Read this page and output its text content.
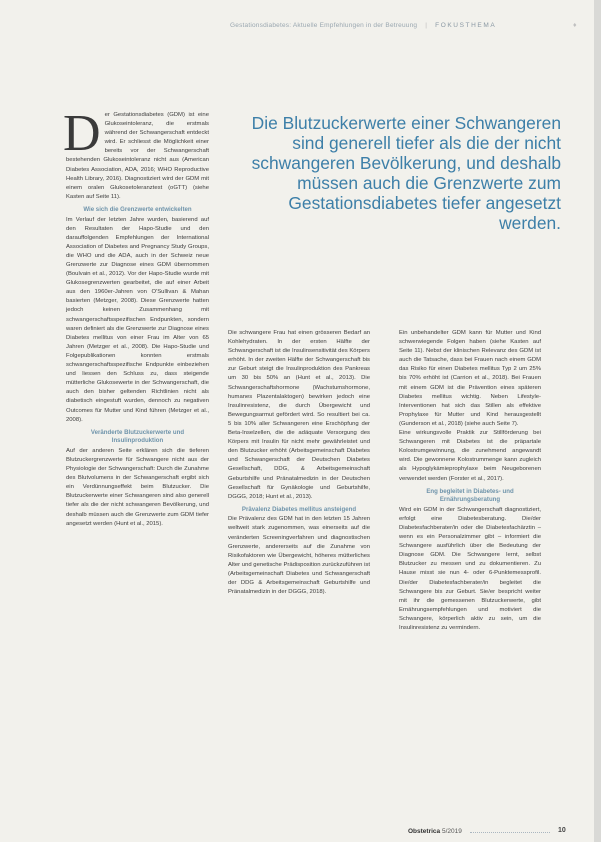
Gestationsdiabetes: Aktuelle Empfehlungen in der Betreuung | FOKUSTHEMA	♦
Die Blutzuckerwerte einer Schwangeren sind generell tiefer als die der nicht schwangeren Bevölkerung, und deshalb müssen auch die Grenzwerte zum Gestationsdiabetes tiefer angesetzt werden.

Der Gestationsdiabetes (GDM) ist eine Glukoseintoleranz, die erstmals während der Schwangerschaft entdeckt wird. Er schliesst die Möglichkeit einer bereits vor der Schwangerschaft bestehenden Glukoseintoleranz nicht aus (American Diabetes Association, ADA, 2016; WHO Reproductive Health Library, 2016). Diagnostiziert wird der GDM mit einem oralen Glukosetoleranztest (oGTT) (siehe Kasten auf Seite 11).

Wie sich die Grenzwerte entwickelten

Im Verlauf der letzten Jahre wurden, basierend auf den Resultaten der Hapo-Studie und den darauffolgenden Empfehlungen der International Association of Diabetes and Pregnancy Study Groups, die WHO und die ADA, auch in der Schweiz neue Grenzwerte zur Diagnose eines GDM übernommen (Boulvain et al., 2012). Vor der Hapo-Studie wurde mit Glukosegrenzwerten gearbeitet, die auf einer Arbeit aus den 1960er-Jahren von O'Sullivan & Mahan basierten (Metzger, 2008). Diese Grenzwerte hatten jedoch keinen Zusammenhang mit schwangerschaftsspezifischen Endpunkten, sondern waren definiert als die Grenzwerte zur Diagnose eines Diabetes mellitus von einer Frau im Alter von 65 Jahren (Metzger et al., 2008). Die Hapo-Studie und Folgepublikationen konnten erstmals schwangerschaftsspezifische Endpunkte einbeziehen und liessen den Schluss zu, dass steigende mütterliche Glukosewerte in der Schwangerschaft, die auch den bisher geltenden Richtlinien nicht als diabetisch eingestuft wurden, dennoch zu negativen Outcomes für Mutter und Kind führen (Metzger et al., 2008).

Veränderte Blutzuckerwerte und Insulinproduktion

Auf der anderen Seite erklären sich die tieferen Blutzuckergrenzwerte für Schwangere nicht aus der Physiologie der Schwangerschaft: Durch die Zunahme des Blutvolumens in der Schwangerschaft ergibt sich ein Verdünnungseffekt beim Blutzucker. Die Blutzuckerwerte einer Schwangeren sind also generell tiefer als die der nicht schwangeren Bevölkerung, und deshalb müssen auch die Grenzwerte zum GDM tiefer angesetzt werden (Hunt et al., 2015).

Die schwangere Frau hat einen grösseren Bedarf an Kohlehydraten. In der ersten Hälfte der Schwangerschaft ist die Insulinsensitivität des Körpers erhöht. In der zweiten Hälfte der Schwangerschaft bis zur Geburt steigt die Insulinproduktion des Pankreas um 30 bis 50% an (Hunt et al., 2013). Die Schwangerschaftshormone (Wachstumshormone, humanes Plazentalaktogen) bewirken jedoch eine Insulinresistenz, die durch Übergewicht und Bewegungsarmut gefördert wird. So resultiert bei ca. 5 bis 10% aller Schwangeren eine Erschöpfung der Beta-Inselzellen, die die adäquate Versorgung des Körpers mit Insulin für nicht mehr gewährleistet und den Blutzucker erhöht (Arbeitsgemeinschaft Diabetes und Schwangerschaft der Deutschen Diabetes Gesellschaft, DDG, & Arbeitsgemeinschaft Geburtshilfe und Pränatalmedizin in der Deutschen Gesellschaft für Gynäkologie und Geburtshilfe, DGGG, 2018; Hunt et al., 2013).

Prävalenz Diabetes mellitus ansteigend

Die Prävalenz des GDM hat in den letzten 15 Jahren weltweit stark zugenommen, was einerseits auf die veränderten Screeningverfahren und diagnostischen Grenzwerte, andererseits auf die Zunahme von Risikofaktoren wie Übergewicht, höheres mütterliches Alter und genetische Prädisposition zurückzuführen ist (Arbeitsgemeinschaft Diabetes und Schwangerschaft der DDG & Arbeitsgemeinschaft Geburtshilfe und Pränatalmedizin in der DGGG, 2018).

Ein unbehandelter GDM kann für Mutter und Kind schwerwiegende Folgen haben (siehe Kasten auf Seite 11). Nebst der klinischen Relevanz des GDM ist auch die Tatsache, dass bei Frauen nach einem GDM das Risiko für einen Diabetes mellitus Typ 2 um 25% bis 70% erhöht ist (Carrion et al., 2018). Bei Frauen mit einem GDM ist die Prävention eines späteren Diabetes mellitus wichtig. Neben Lifestyle-Interventionen hat sich das Stillen als effektive Prophylaxe für Mutter und Kind herausgestellt (Gunderson et al., 2018) (siehe auch Seite 7).

Eine wirkungsvolle Praktik zur Stillförderung bei Schwangeren mit Diabetes ist die präpartale Kolostrumgewinnung, die zunehmend angewandt wird. Die gewonnene Kolostrummenge kann zugleich als Hypoglykämieprophylaxe beim Neugeborenen verwendet werden (Forster et al., 2017).

Eng begleitet in Diabetes- und Ernährungsberatung

Wird ein GDM in der Schwangerschaft diagnostiziert, erfolgt eine Diabetesberatung. Die/der Diabetesfachberater/in oder die Diabetesfachärztin – wenn es ein Personalzimmer gibt – informiert die Schwangere ausführlich über die Bedeutung der Diagnose GDM. Die Schwangere lernt, selbst Blutzucker zu messen und zu dokumentieren. Zu Hause misst sie nun 4- oder 6-Punktemessprofil. Die/der Diabetesfachberater/in begleitet die Schwangere bis zur Geburt. Sie/er bespricht weiter mit ihr die gemessenen Blutzuckerwerte, gibt Ernährungsempfehlungen und motiviert die Schwangere, körperlich aktiv zu sein, um die Insulinresistenz zu vermindern.

Obstetrica 5/2019	10
